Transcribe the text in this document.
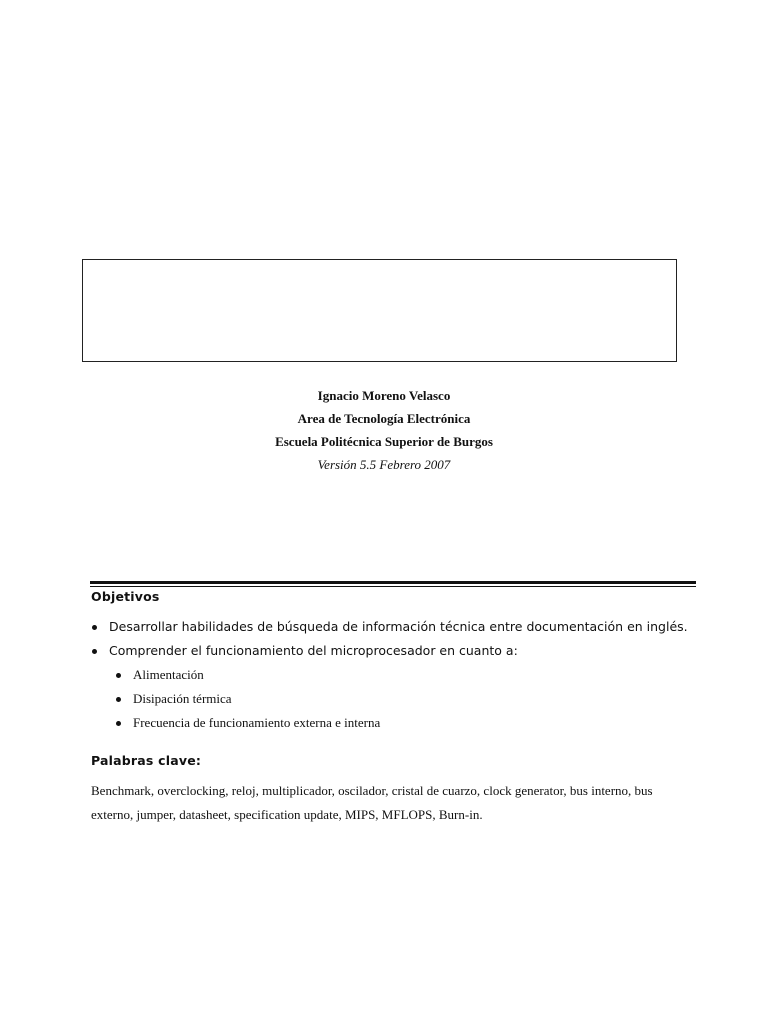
Ignacio Moreno Velasco
Area de Tecnología Electrónica
Escuela Politécnica Superior de Burgos
Versión 5.5 Febrero 2007
Objetivos
Desarrollar habilidades de búsqueda de información técnica entre documentación en inglés.
Comprender el funcionamiento del microprocesador en cuanto a:
Alimentación
Disipación térmica
Frecuencia de funcionamiento externa e interna
Palabras clave:
Benchmark, overclocking, reloj, multiplicador, oscilador, cristal de cuarzo, clock generator, bus interno, bus externo, jumper, datasheet, specification update, MIPS, MFLOPS, Burn-in.
